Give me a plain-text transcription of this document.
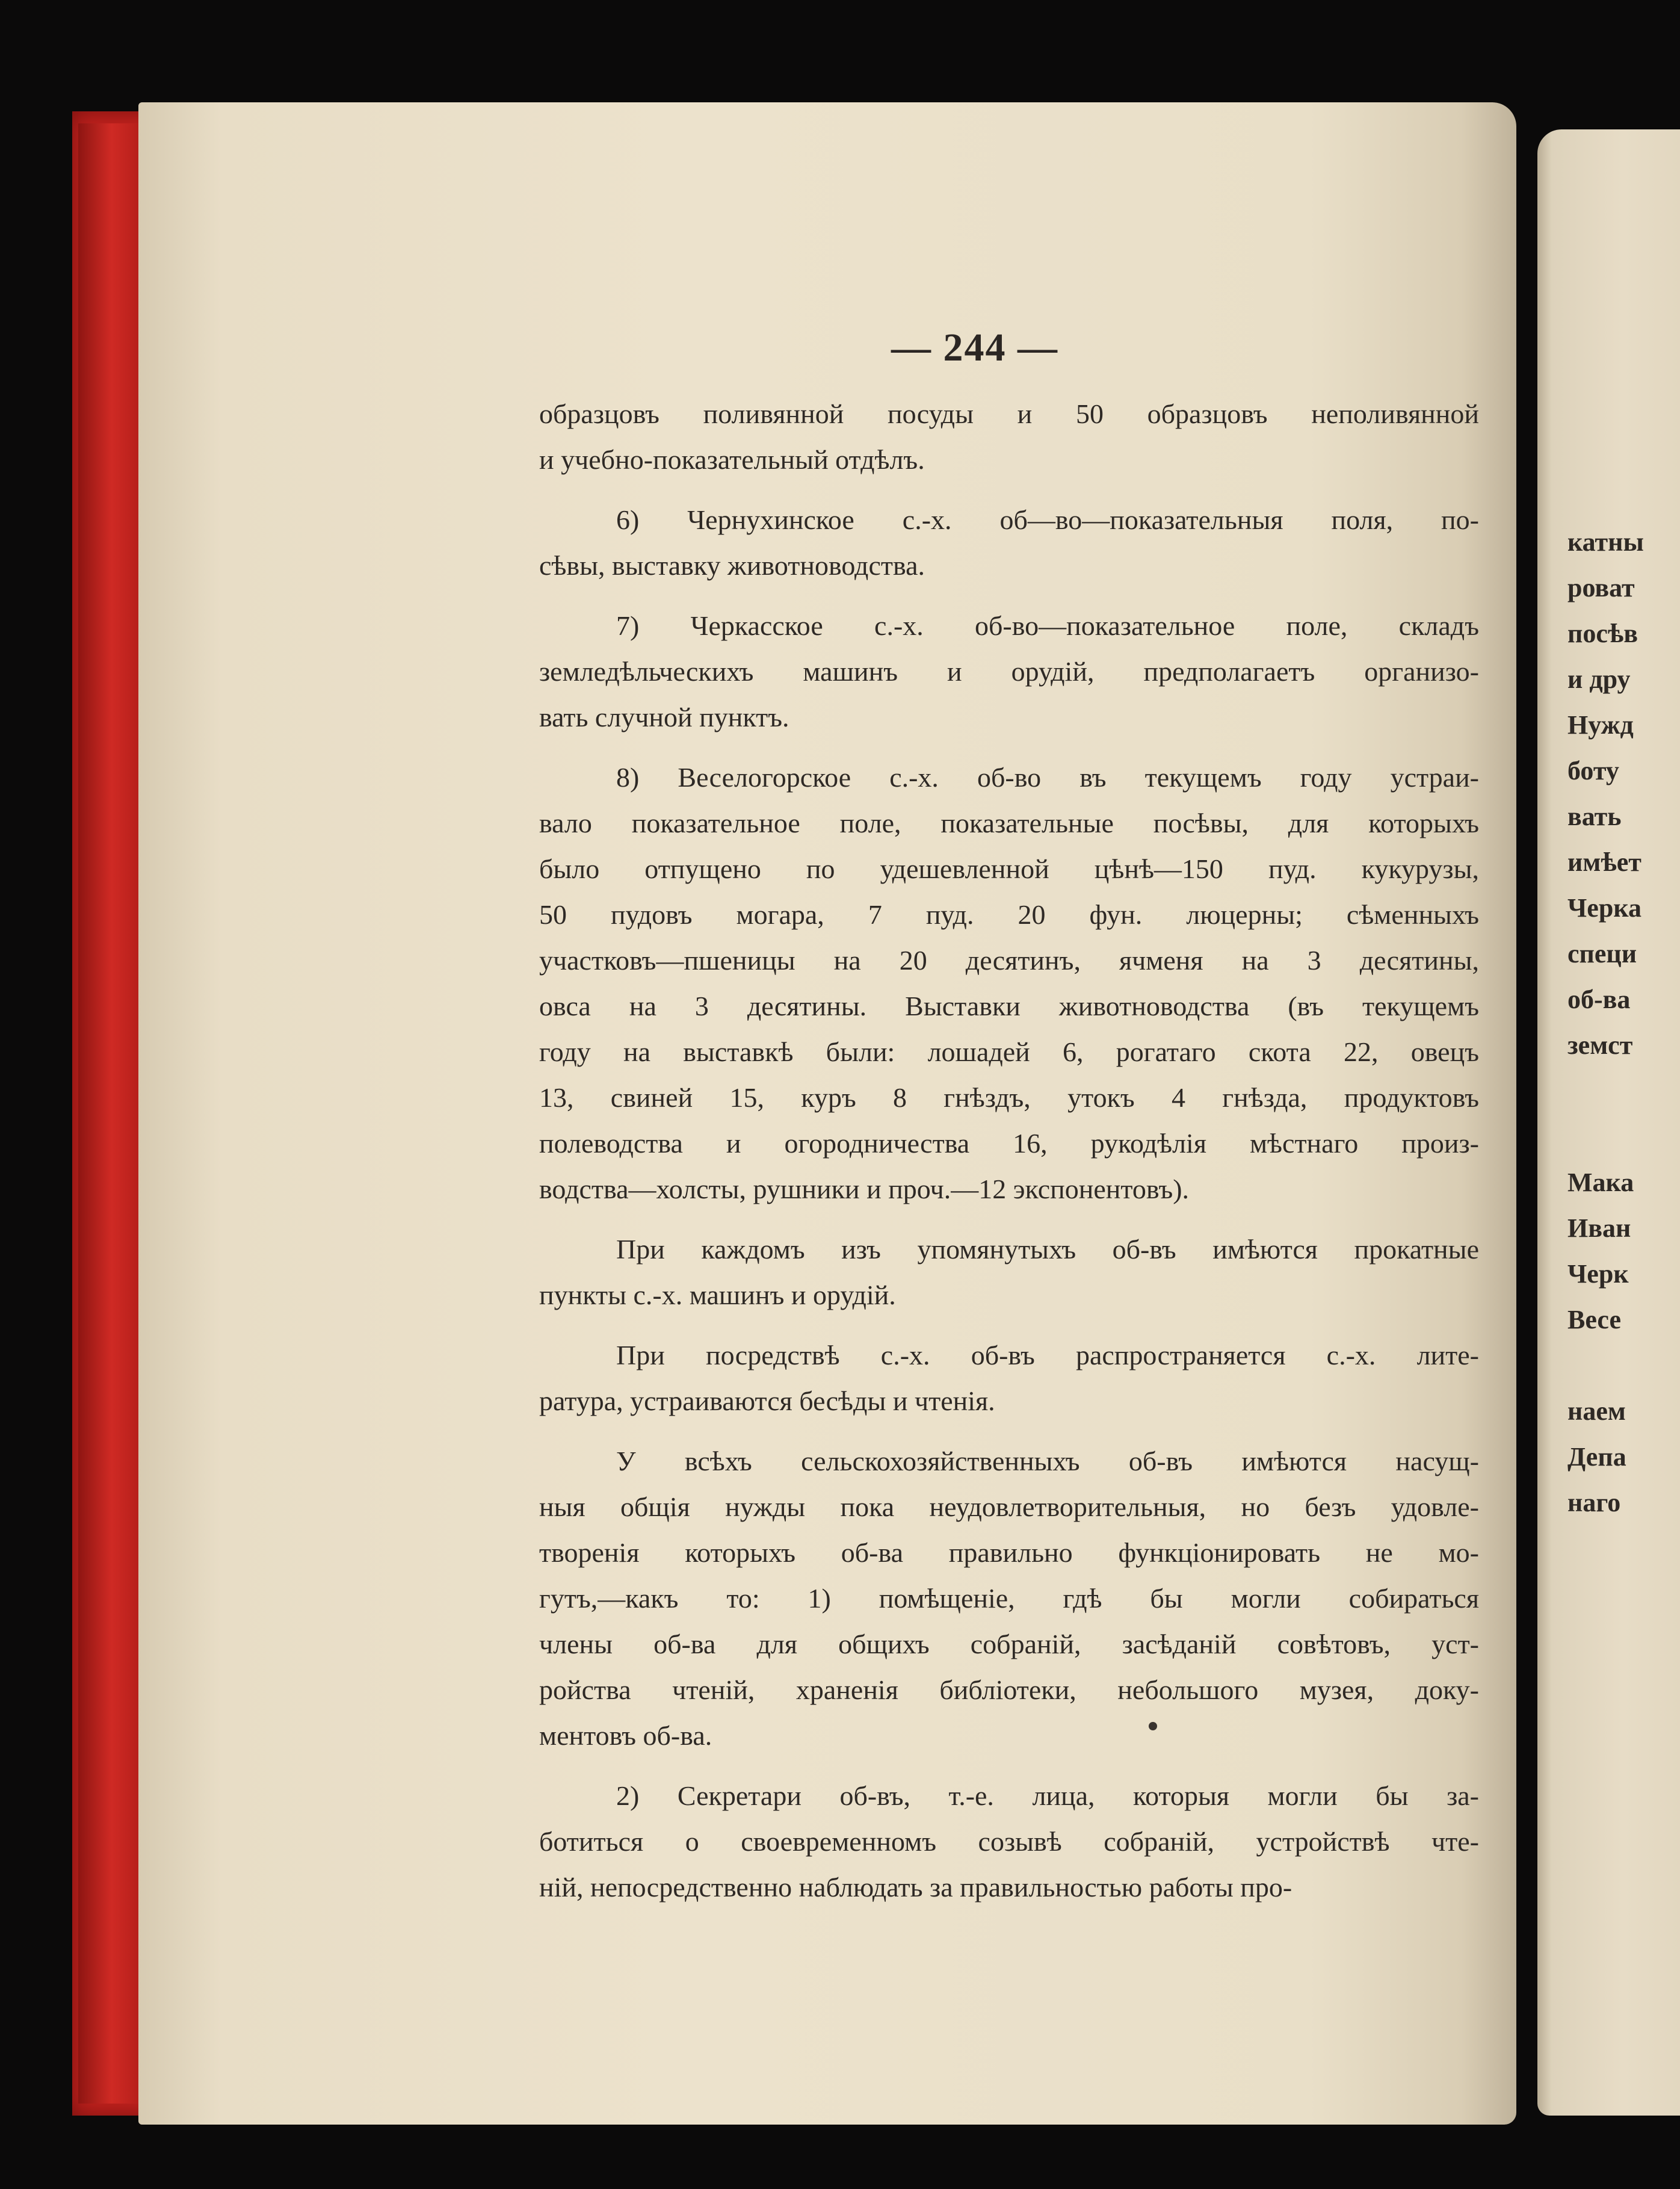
катны
роват
посѣв
и дру
Нужд
боту
вать
имѣет
Черка
специ
об-ва
земст

Мака
Иван
Черк
Весе

наем
Депа
наго
— 244 —
образцовъ поливянной посуды и 50 образцовъ неполивянной
и учебно-показательный отдѣлъ.
6) Чернухинское с.-х. об—во—показательныя поля, по-
сѣвы, выставку животноводства.
7) Черкасское с.-х. об-во—показательное поле, складъ
земледѣльческихъ машинъ и орудій, предполагаетъ организо-
вать случной пунктъ.
8) Веселогорское с.-х. об-во въ текущемъ году устраи-
вало показательное поле, показательные посѣвы, для которыхъ
было отпущено по удешевленной цѣнѣ—150 пуд. кукурузы,
50 пудовъ могара, 7 пуд. 20 фун. люцерны; сѣменныхъ
участковъ—пшеницы на 20 десятинъ, ячменя на 3 десятины,
овса на 3 десятины. Выставки животноводства (въ текущемъ
году на выставкѣ были: лошадей 6, рогатаго скота 22, овецъ
13, свиней 15, куръ 8 гнѣздъ, утокъ 4 гнѣзда, продуктовъ
полеводства и огородничества 16, рукодѣлія мѣстнаго произ-
водства—холсты, рушники и проч.—12 экспонентовъ).
При каждомъ изъ упомянутыхъ об-въ имѣются прокатные
пункты с.-х. машинъ и орудій.
При посредствѣ с.-х. об-въ распространяется с.-х. лите-
ратура, устраиваются бесѣды и чтенія.
У всѣхъ сельскохозяйственныхъ об-въ имѣются насущ-
ныя общія нужды пока неудовлетворительныя, но безъ удовле-
творенія которыхъ об-ва правильно функціонировать не мо-
гутъ,—какъ то: 1) помѣщеніе, гдѣ бы могли собираться
члены об-ва для общихъ собраній, засѣданій совѣтовъ, уст-
ройства чтеній, храненія библіотеки, небольшого музея, доку-
ментовъ об-ва.
2) Секретари об-въ, т.-е. лица, которыя могли бы за-
ботиться о своевременномъ созывѣ собраній, устройствѣ чте-
ній, непосредственно наблюдать за правильностью работы про-
